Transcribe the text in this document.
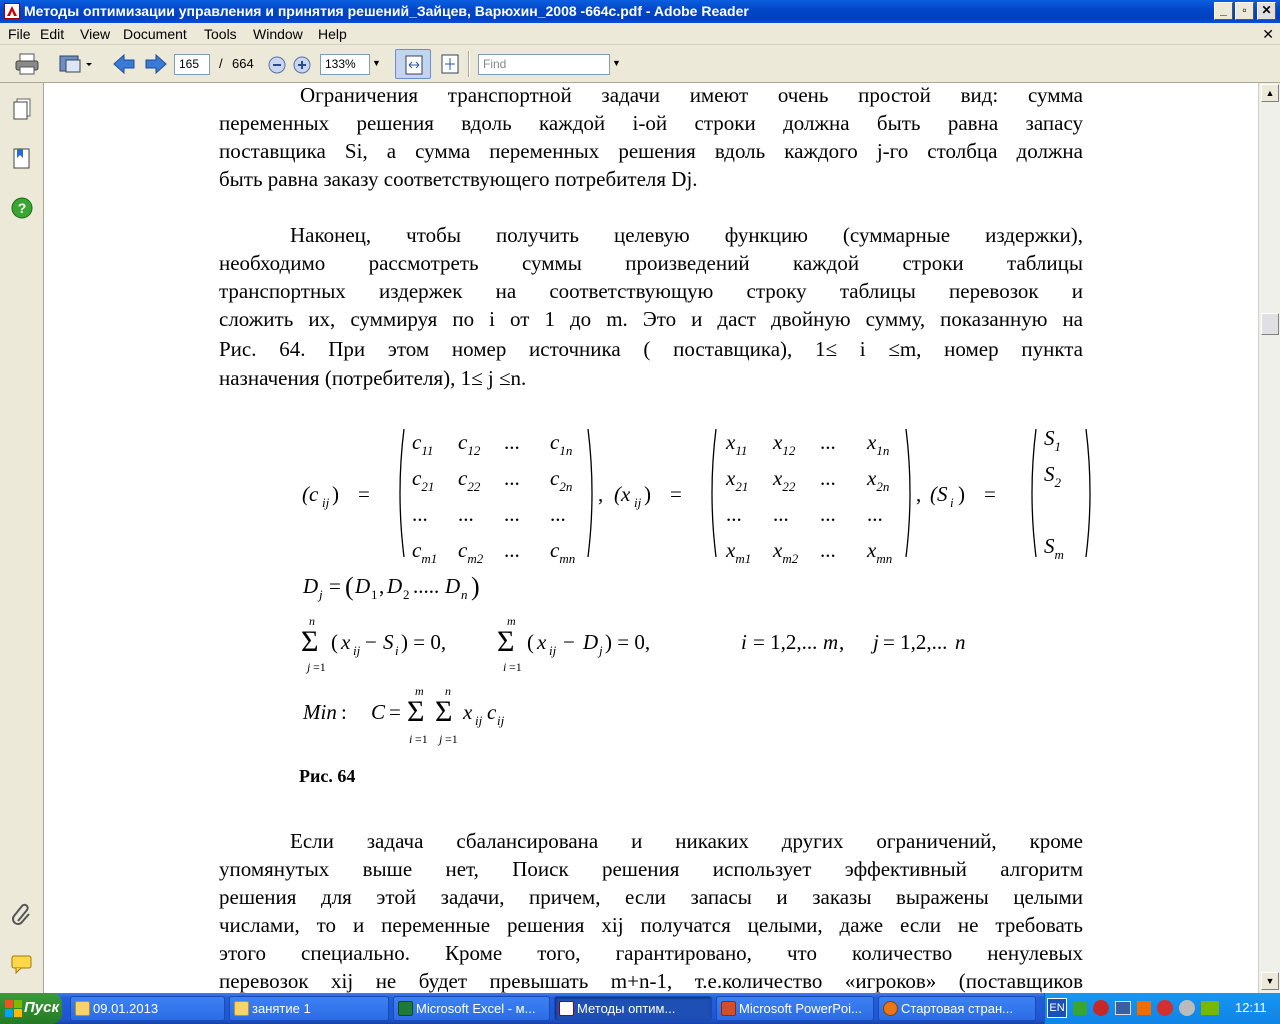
Методы оптимизации управления и принятия решений_Зайцев, Варюхин_2008 -664с.pdf - Adobe Reader	_	▫	✕
File Edit View Document Tools Window Help	✕
165	/ 664	133%	▼	Find	▼
?
Ограничения транспортной задачи имеют очень простой вид: сумма
переменных решения вдоль каждой i-ой строки должна быть равна запасу
поставщика Si, а сумма переменных решения вдоль каждого j-го столбца должна
быть равна заказу соответствующего потребителя Dj.
Наконец, чтобы получить целевую функцию (суммарные издержки),
необходимо рассмотреть суммы произведений каждой строки таблицы
транспортных издержек на соответствующую строку таблицы перевозок и
сложить их, суммируя по i от 1 до m. Это и даст двойную сумму, показанную на
Рис. 64. При этом номер источника ( поставщика), 1≤ i ≤m, номер пункта
назначения (потребителя), 1≤ j ≤n.
(c ij ) =
$c_{11}$ $c_{12}$ ... $c_{1n}$
$c_{21}$ $c_{22}$ ... $c_{2n}$
... ... ... ...
$c_{m1}$ $c_{m2}$ ... $c_{mn}$
, (x ij ) =
$x_{11}$ $x_{12}$ ... $x_{1n}$
$x_{21}$ $x_{22}$ ... $x_{2n}$
... ... ... ...
$x_{m1}$ $x_{m2}$ ... $x_{mn}$
, (S i ) =
$S_1$
$S_2$
$S_m$
D j = ( D 1 , D 2 ..... D n )
n
Σ
j =1
( x ij − S i ) = 0,
m
Σ
i =1
( x ij − D j ) = 0,	i = 1,2,... m , j = 1,2,... n
Min : C =
m
Σ
i =1
n
Σ
j =1
x ij c ij
Рис. 64
Если задача сбалансирована и никаких других ограничений, кроме
упомянутых выше нет, Поиск решения использует эффективный алгоритм
решения для этой задачи, причем, если запасы и заказы выражены целыми
числами, то и переменные решения xij получатся целыми, даже если не требовать
этого специально. Кроме того, гарантировано, что количество ненулевых
перевозок xij не будет превышать m+n-1, т.е.количество «игроков» (поставщиков
▲
▼
Пуск	09.01.2013	занятие 1	Microsoft Excel - м...	Методы оптим...	Microsoft PowerPoi...	Стартовая стран...	EN	12:11
